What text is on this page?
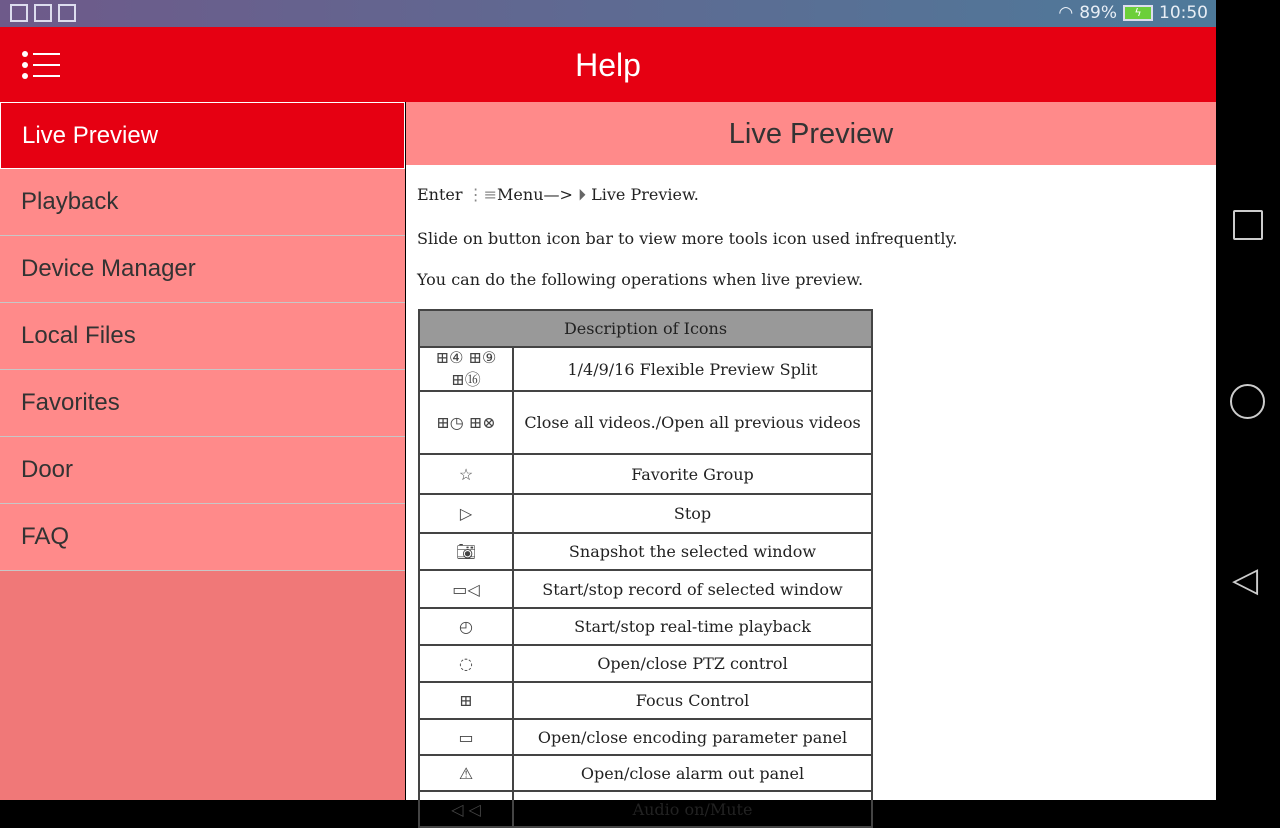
◠ 89%	ϟ	10:50
Help
Live Preview
Playback
Device Manager
Local Files
Favorites
Door
FAQ
Live Preview
Enter ⋮≡Menu—> ⏵ Live Preview.
Slide on button icon bar to view more tools icon used infrequently.
You can do the following operations when live preview.
Description of Icons	
⊞④ ⊞⑨ ⊞⑯	1/4/9/16 Flexible Preview Split
⊞◷ ⊞⊗	Close all videos./Open all previous videos
☆	Favorite Group
▷	Stop
📷︎	Snapshot the selected window
▭◁	Start/stop record of selected window
◴	Start/stop real-time playback
◌	Open/close PTZ control
⊞	Focus Control
▭	Open/close encoding parameter panel
⚠	Open/close alarm out panel
◁ ◁	Audio on/Mute
◁
